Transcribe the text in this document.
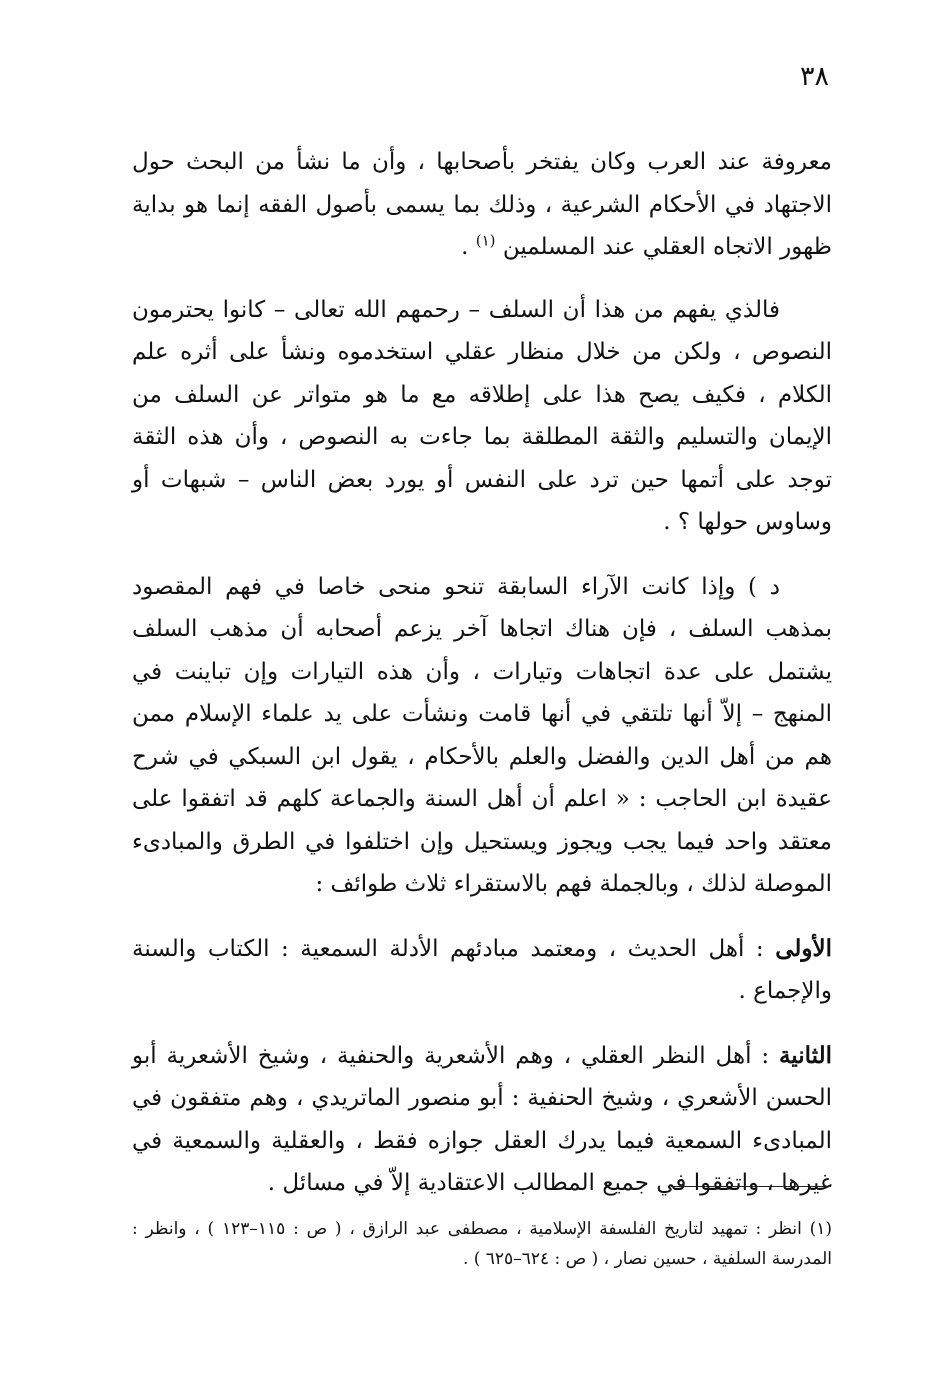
٣٨

معروفة عند العرب وكان يفتخر بأصحابها ، وأن ما نشأ من البحث حول الاجتهاد في الأحكام الشرعية ، وذلك بما يسمى بأصول الفقه إنما هو بداية ظهور الاتجاه العقلي عند المسلمين $^{(١)}$ .

فالذي يفهم من هذا أن السلف – رحمهم الله تعالى – كانوا يحترمون النصوص ، ولكن من خلال منظار عقلي استخدموه ونشأ على أثره علم الكلام ، فكيف يصح هذا على إطلاقه مع ما هو متواتر عن السلف من الإيمان والتسليم والثقة المطلقة بما جاءت به النصوص ، وأن هذه الثقة توجد على أتمها حين ترد على النفس أو يورد بعض الناس – شبهات أو وساوس حولها ؟ .

د ) وإذا كانت الآراء السابقة تنحو منحى خاصا في فهم المقصود بمذهب السلف ، فإن هناك اتجاها آخر يزعم أصحابه أن مذهب السلف يشتمل على عدة اتجاهات وتيارات ، وأن هذه التيارات وإن تباينت في المنهج – إلاّ أنها تلتقي في أنها قامت ونشأت على يد علماء الإسلام ممن هم من أهل الدين والفضل والعلم بالأحكام ، يقول ابن السبكي في شرح عقيدة ابن الحاجب : « اعلم أن أهل السنة والجماعة كلهم قد اتفقوا على معتقد واحد فيما يجب ويجوز ويستحيل وإن اختلفوا في الطرق والمبادىء الموصلة لذلك ، وبالجملة فهم بالاستقراء ثلاث طوائف :

الأولى : أهل الحديث ، ومعتمد مبادئهم الأدلة السمعية : الكتاب والسنة والإجماع .

الثانية : أهل النظر العقلي ، وهم الأشعرية والحنفية ، وشيخ الأشعرية أبو الحسن الأشعري ، وشيخ الحنفية : أبو منصور الماتريدي ، وهم متفقون في المبادىء السمعية فيما يدرك العقل جوازه فقط ، والعقلية والسمعية في غيرها ، واتفقوا في جميع المطالب الاعتقادية إلاّ في مسائل .

(١) انظر : تمهيد لتاريخ الفلسفة الإسلامية ، مصطفى عبد الرازق ، ( ص : ١١٥–١٢٣ ) ، وانظر : المدرسة السلفية ، حسين نصار ، ( ص : ٦٢٤–٦٢٥ ) .
